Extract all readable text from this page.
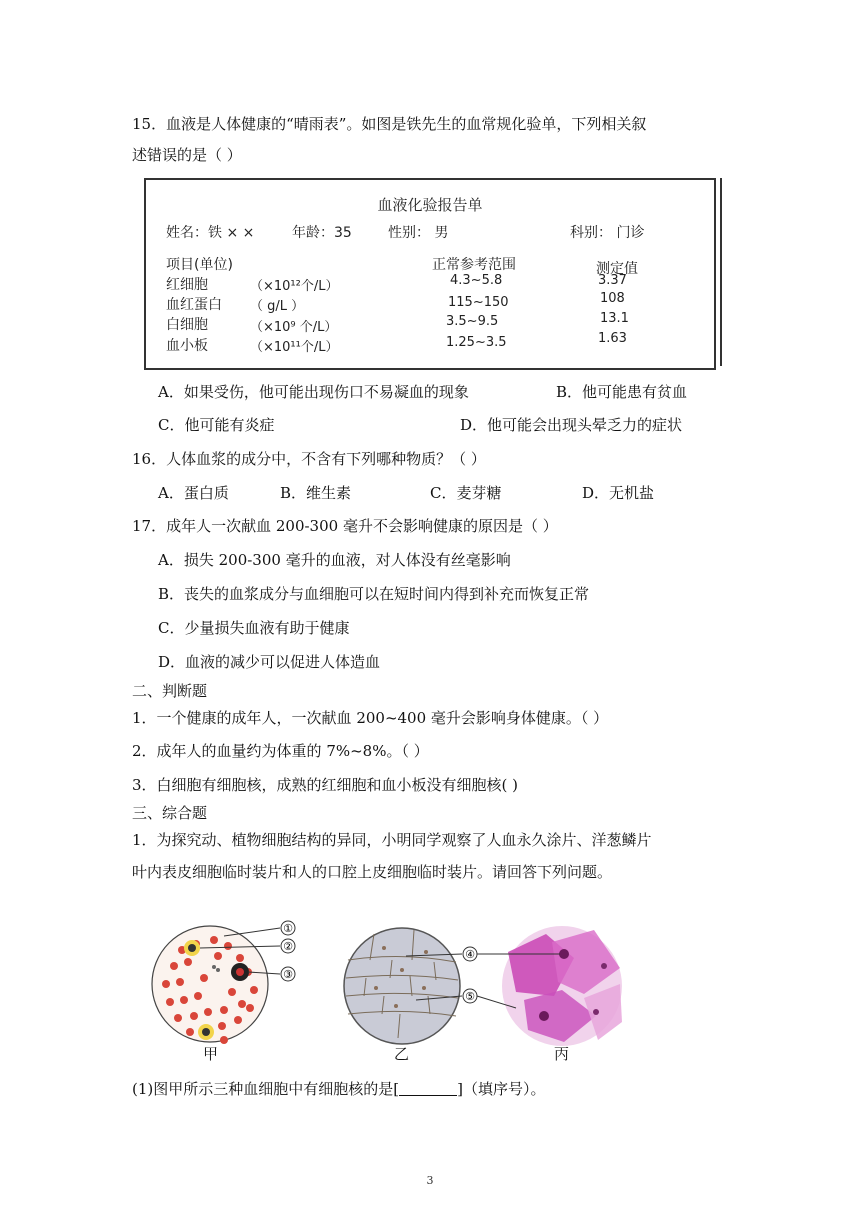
15．血液是人体健康的“晴雨表”。如图是铁先生的血常规化验单，下列相关叙
述错误的是（ ）
血液化验报告单
姓名：铁 × ×	年龄：35	性别： 男	科别： 门诊
项目(单位)	正常参考范围	测定值
红细胞	（×10¹²个/L）	4.3~5.8	3.37
血红蛋白 （ g/L ）	115~150	108
白细胞	（×10⁹ 个/L）	3.5~9.5	13.1
血小板	（×10¹¹个/L）	1.25~3.5	1.63
A．如果受伤，他可能出现伤口不易凝血的现象	B．他可能患有贫血
C．他可能有炎症	D．他可能会出现头晕乏力的症状
16．人体血浆的成分中，不含有下列哪种物质？（ ）
A．蛋白质	B．维生素	C．麦芽糖	D．无机盐
17．成年人一次献血 200-300 毫升不会影响健康的原因是（ ）
A．损失 200-300 毫升的血液，对人体没有丝毫影响
B．丧失的血浆成分与血细胞可以在短时间内得到补充而恢复正常
C．少量损失血液有助于健康
D．血液的减少可以促进人体造血
二、判断题
1．一个健康的成年人，一次献血 200~400 毫升会影响身体健康。（ ）
2．成年人的血量约为体重的 7%~8%。（ ）
3．白细胞有细胞核，成熟的红细胞和血小板没有细胞核( )
三、综合题
1．为探究动、植物细胞结构的异同，小明同学观察了人血永久涂片、洋葱鳞片
叶内表皮细胞临时装片和人的口腔上皮细胞临时装片。请回答下列问题。
①
②
③
④
⑤
甲	乙	丙
(1)图甲所示三种血细胞中有细胞核的是[	]（填序号）。
3
